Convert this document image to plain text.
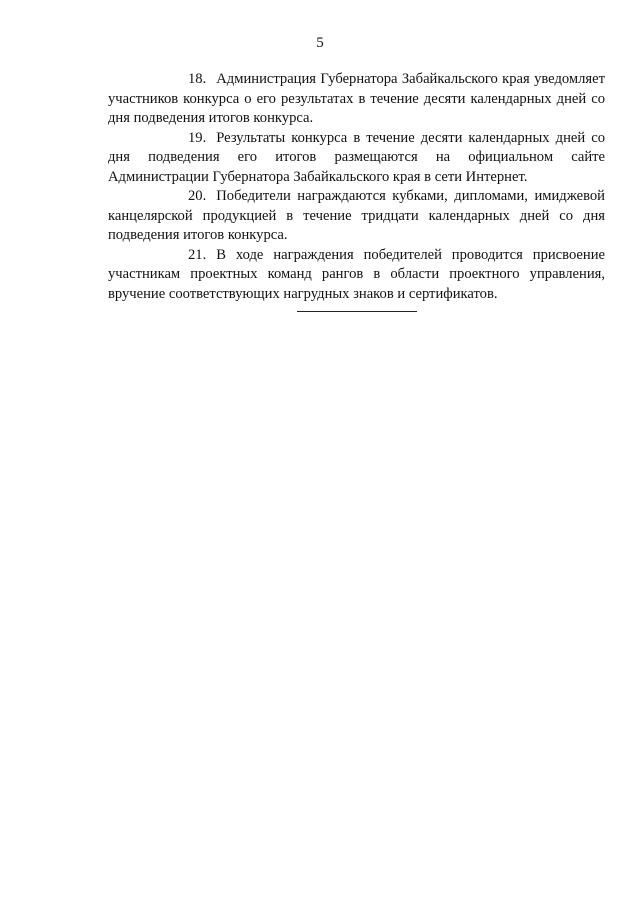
5

18. Администрация Губернатора Забайкальского края уведомляет участников конкурса о его результатах в течение десяти календарных дней со дня подведения итогов конкурса.

19. Результаты конкурса в течение десяти календарных дней со дня подведения его итогов размещаются на официальном сайте Администрации Губернатора Забайкальского края в сети Интернет.

20. Победители награждаются кубками, дипломами, имиджевой канцелярской продукцией в течение тридцати календарных дней со дня подведения итогов конкурса.

21. В ходе награждения победителей проводится присвоение участникам проектных команд рангов в области проектного управления, вручение соответствующих нагрудных знаков и сертификатов.
